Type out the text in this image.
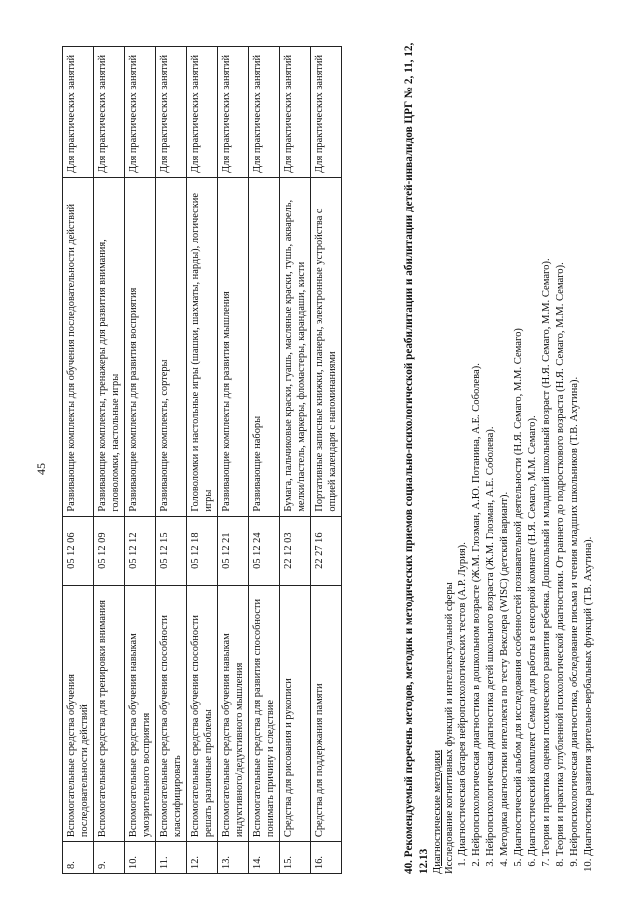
45
8.	Вспомогательные средства обучения последовательности действий	05 12 06	Развивающие комплекты для обучения последовательности действий	Для практических занятий
9.	Вспомогательные средства для тренировки внимания	05 12 09	Развивающие комплекты, тренажеры для развития внимания, головоломки, настольные игры	Для практических занятий
10.	Вспомогательные средства обучения навыкам умозрительного восприятия	05 12 12	Развивающие комплекты для развития восприятия	Для практических занятий
11.	Вспомогательные средства обучения способности классифицировать	05 12 15	Развивающие комплекты, сортеры	Для практических занятий
12.	Вспомогательные средства обучения способности решать различные проблемы	05 12 18	Головоломки и настольные игры (шашки, шахматы, нарды), логические игры	Для практических занятий
13.	Вспомогательные средства обучения навыкам индуктивного/дедуктивного мышления	05 12 21	Развивающие комплекты для развития мышления	Для практических занятий
14.	Вспомогательные средства для развития способности понимать причину и следствие	05 12 24	Развивающие наборы	Для практических занятий
15.	Средства для рисования и рукописи	22 12 03	Бумага, пальчиковые краски, гуашь, масляные краски, тушь, акварель, мелки/пастель, маркеры, фломастеры, карандаши, кисти	Для практических занятий
16.	Средства для поддержания памяти	22 27 16	Портативные записные книжки, планеры, электронные устройства с опцией календаря с напоминаниями	Для практических занятий	40. Рекомендуемый перечень методов, методик и методических приемов социально-психологической реабилитации и абилитации детей-инвалидов ЦРГ № 2, 11, 12, 12.13 Диагностические методики Исследование когнитивных функций и интеллектуальной сферы 1. Диагностическая батарея нейропсихологических тестов (А.Р. Лурия). 2. Нейропсихологическая диагностика в дошкольном возрасте (Ж.М. Глозман, А.Ю. Потанина, А.Е. Соболева). 3. Нейропсихологическая диагностика детей школьного возраста (Ж.М. Глозман, А.Е. Соболева). 4. Методика диагностики интеллекта по тесту Векслера (WISC) (детский вариант). 5. Диагностический альбом для исследования особенностей познавательной деятельности (Н.Я. Семаго, М.М. Семаго) 6. Диагностический комплект Семаго для работы в сенсорной комнате (Н.Я. Семаго, М.М. Семаго). 7. Теория и практика оценки психического развития ребенка. Дошкольный и младший школьный возраст (Н.Я. Семаго, М.М. Семаго). 8. Теория и практика углубленной психологической диагностики. От раннего до подросткового возраста (Н.Я. Семаго, М.М. Семаго). 9. Нейропсихологическая диагностика, обследование письма и чтения младших школьников (Т.В. Ахутина). 10. Диагностика развития зрительно-вербальных функций (Т.В. Ахутина).
